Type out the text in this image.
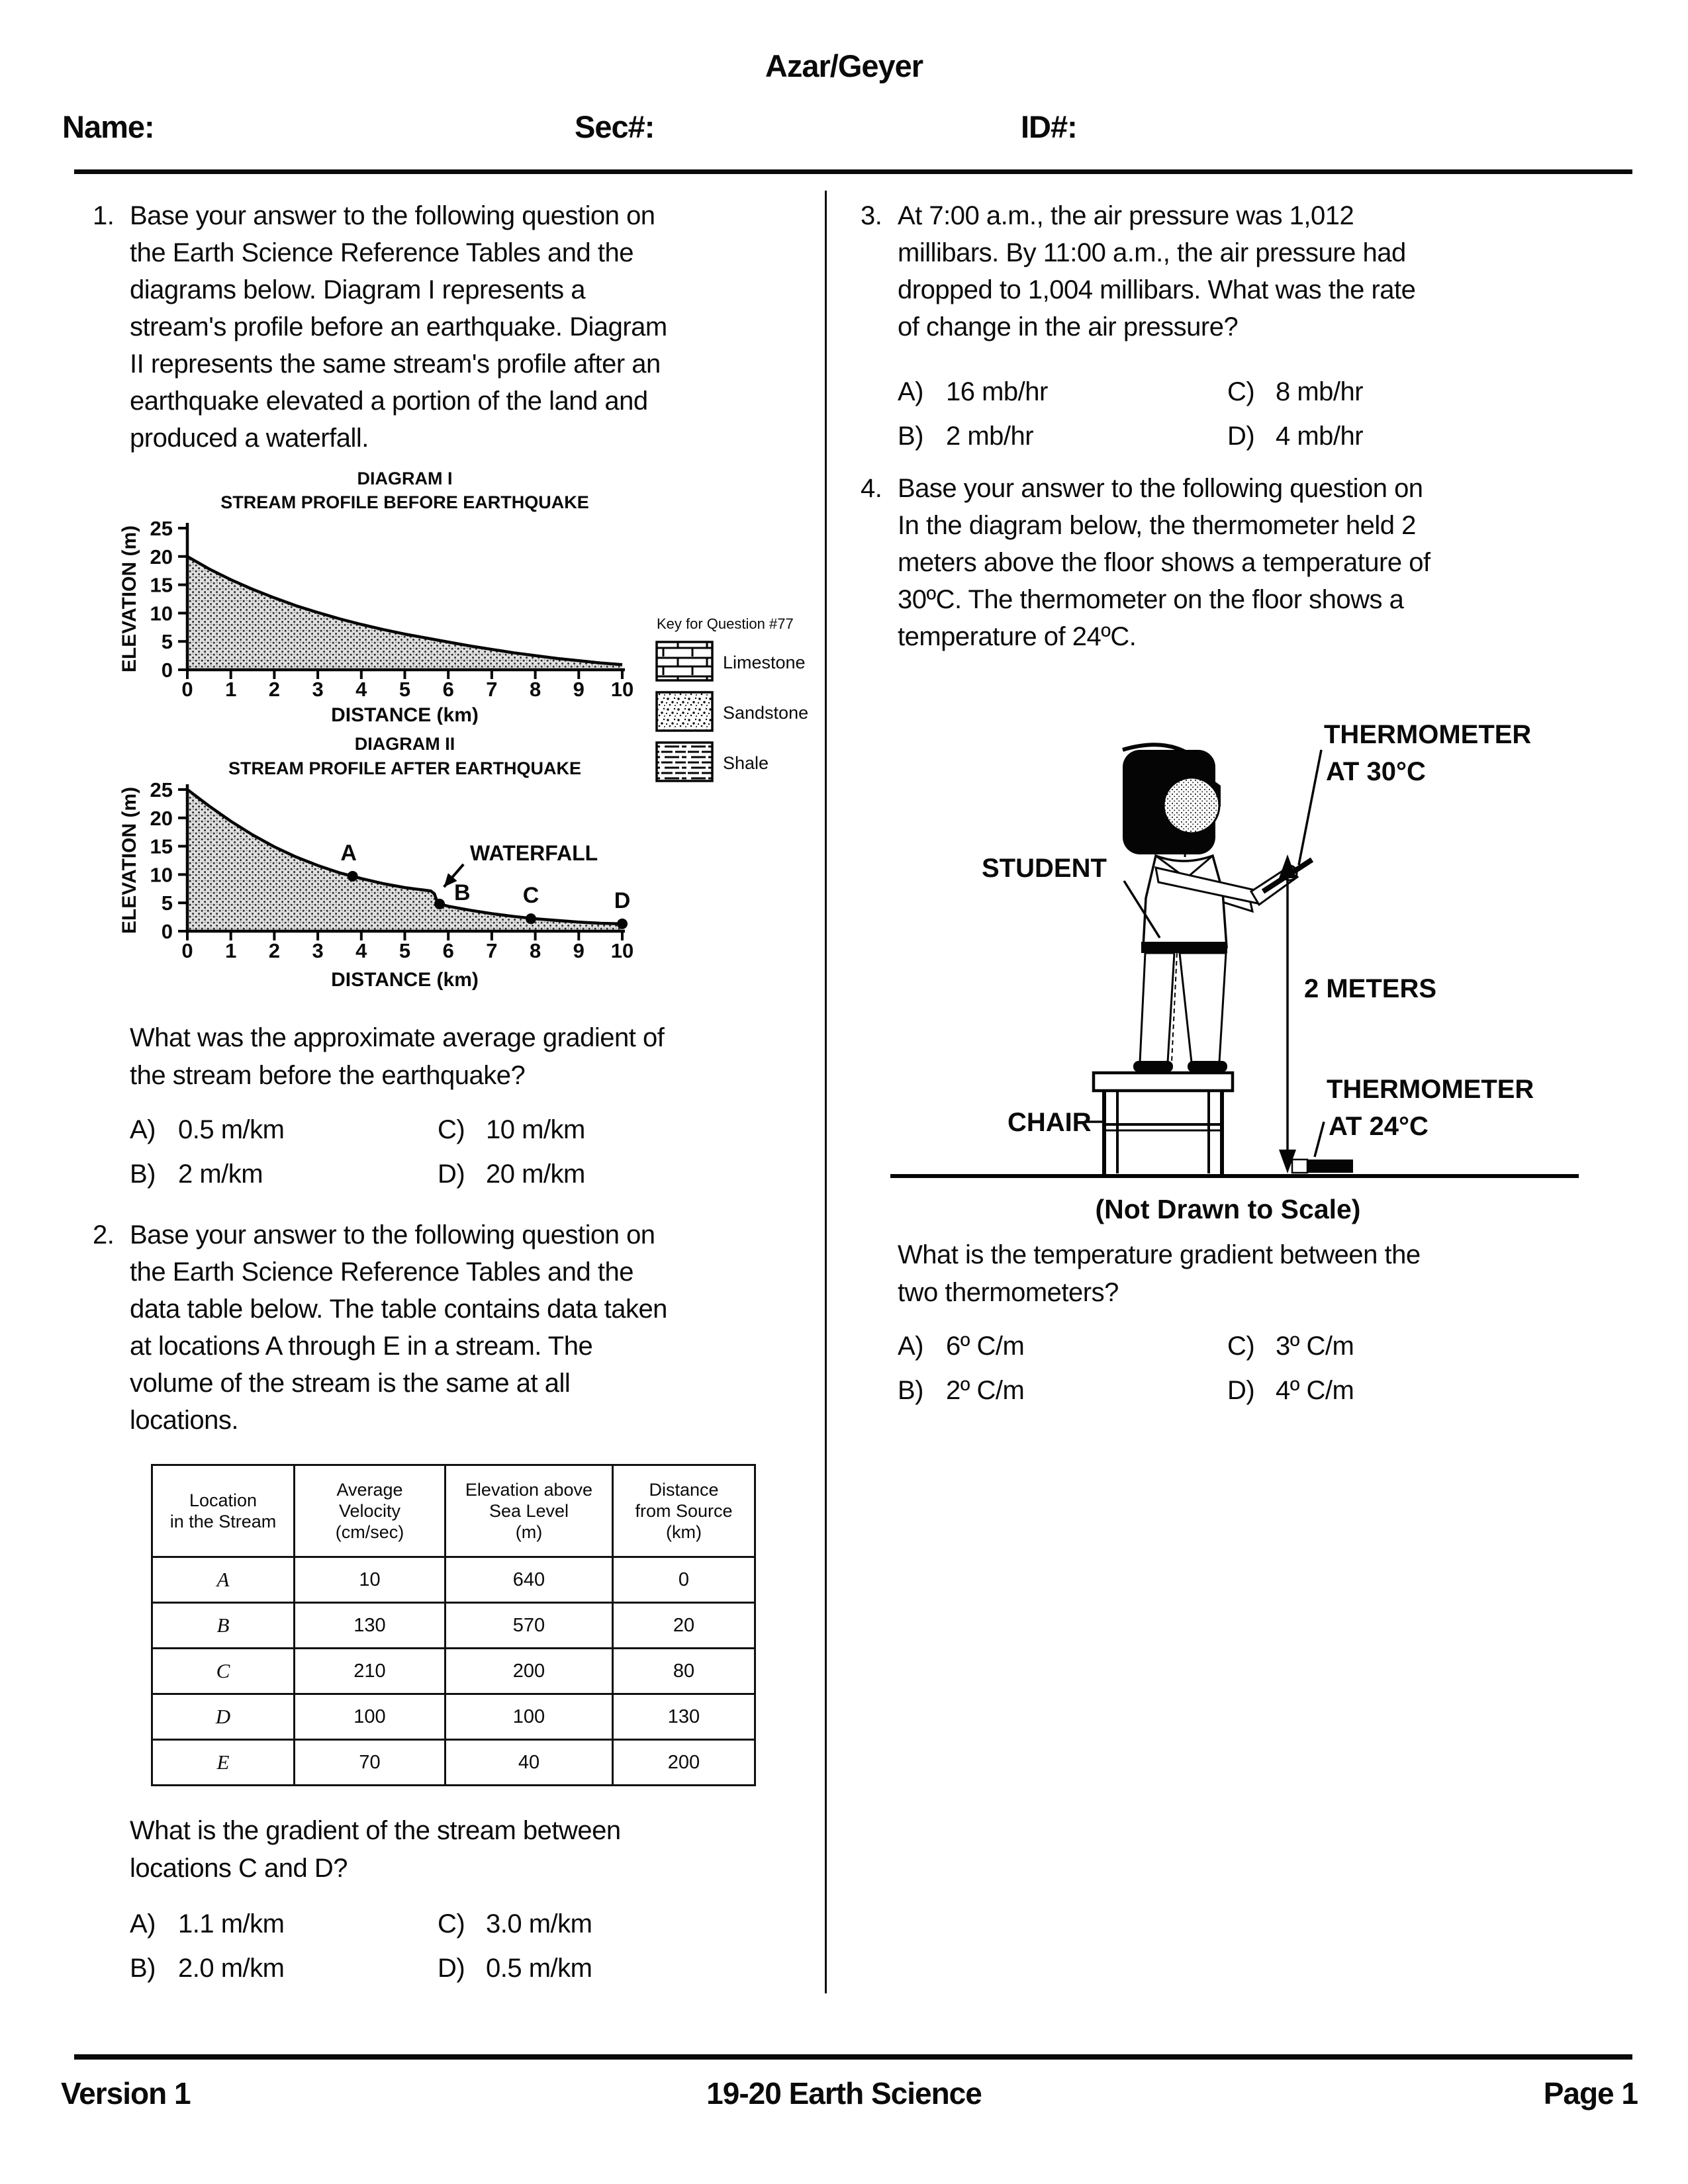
Azar/Geyer
Name:	Sec#:	ID#:
1. Base your answer to the following question on
the Earth Science Reference Tables and the
diagrams below. Diagram I represents a
stream's profile before an earthquake. Diagram
II represents the same stream's profile after an
earthquake elevated a portion of the land and
produced a waterfall.
DIAGRAM I
STREAM PROFILE BEFORE EARTHQUAKE
0
5
10
15
20
25
0 1 2 3 4 5 6 7 8 9 10
DISTANCE (km)
ELEVATION (m)	Key for Question #77
Limestone
Sandstone
Shale
DIAGRAM II
STREAM PROFILE AFTER EARTHQUAKE
0
5
10
15
20
25
0 1 2 3 4 5 6 7 8 9 10
DISTANCE (km)
ELEVATION (m)	A
B C	D
WATERFALL
What was the approximate average gradient of
the stream before the earthquake?
A) 0.5 m/km	C) 10 m/km
B) 2 m/km	D) 20 m/km
2. Base your answer to the following question on
the Earth Science Reference Tables and the
data table below. The table contains data taken
at locations A through E in a stream. The
volume of the stream is the same at all
locations.
Location
in the Stream	Average
Velocity
(cm/sec)	Elevation above
Sea Level
(m)	Distance
from Source
(km)
A	10	640	0
B	130	570	20
C	210	200	80
D	100	100	130
E	70	40	200
What is the gradient of the stream between
locations C and D?
A) 1.1 m/km	C) 3.0 m/km
B) 2.0 m/km	D) 0.5 m/km
3. At 7:00 a.m., the air pressure was 1,012
millibars. By 11:00 a.m., the air pressure had
dropped to 1,004 millibars. What was the rate
of change in the air pressure?
A) 16 mb/hr	C) 8 mb/hr
B) 2 mb/hr	D) 4 mb/hr
4. Base your answer to the following question on
In the diagram below, the thermometer held 2
meters above the floor shows a temperature of
30ºC. The thermometer on the floor shows a
temperature of 24ºC.
THERMOMETER
AT 30°C
STUDENT
2 METERS
CHAIR
THERMOMETER
AT 24°C
(Not Drawn to Scale)
What is the temperature gradient between the
two thermometers?
A) 6º C/m	C) 3º C/m
B) 2º C/m	D) 4º C/m
Version 1	19-20 Earth Science	Page 1
